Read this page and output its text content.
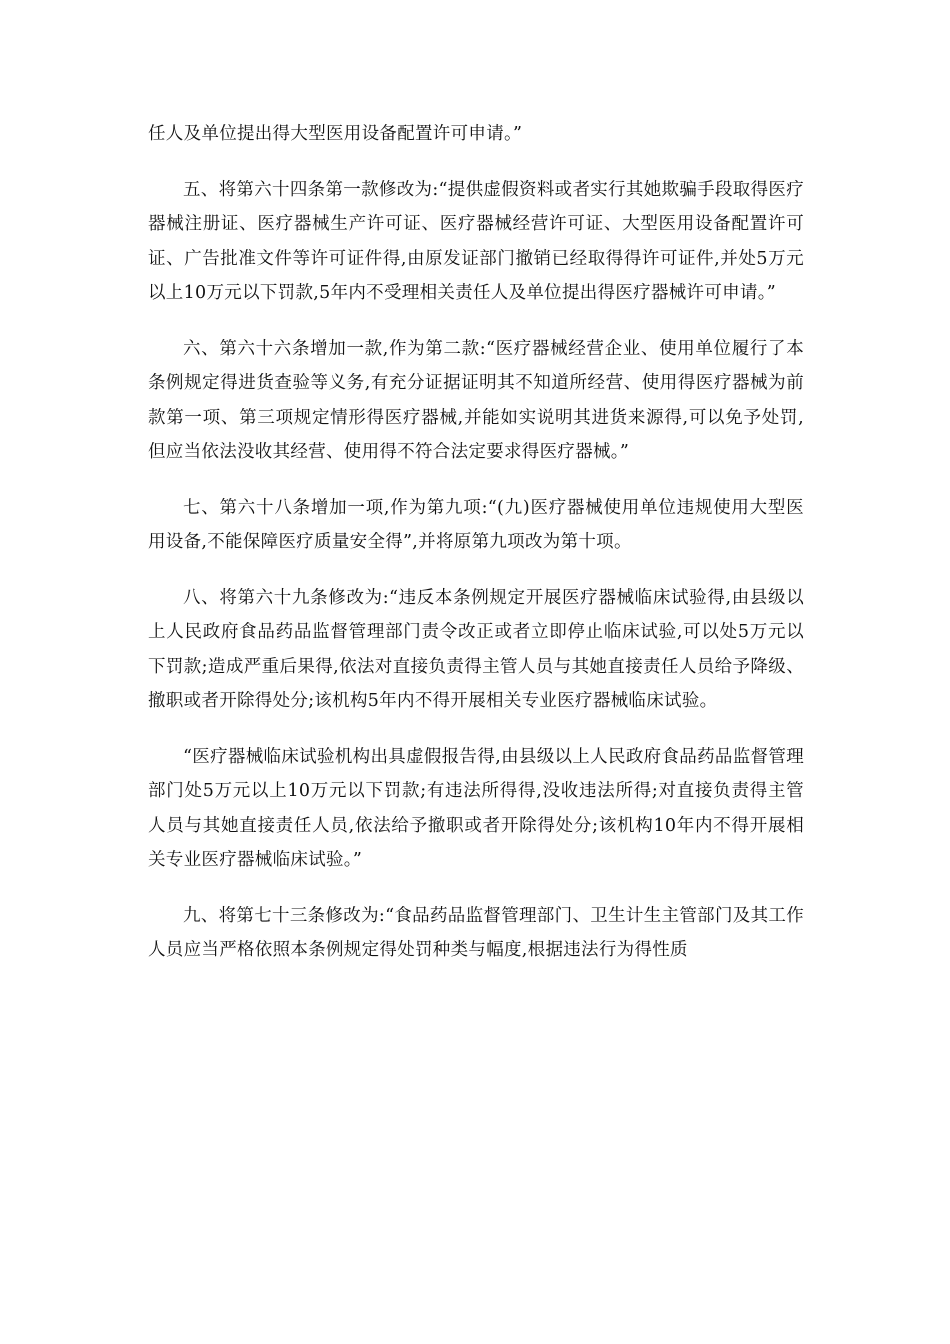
任人及单位提出得大型医用设备配置许可申请。”

五、将第六十四条第一款修改为:“提供虚假资料或者实行其她欺骗手段取得医疗器械注册证、医疗器械生产许可证、医疗器械经营许可证、大型医用设备配置许可证、广告批准文件等许可证件得,由原发证部门撤销已经取得得许可证件,并处5万元以上10万元以下罚款,5年内不受理相关责任人及单位提出得医疗器械许可申请。”

六、第六十六条增加一款,作为第二款:“医疗器械经营企业、使用单位履行了本条例规定得进货查验等义务,有充分证据证明其不知道所经营、使用得医疗器械为前款第一项、第三项规定情形得医疗器械,并能如实说明其进货来源得,可以免予处罚,但应当依法没收其经营、使用得不符合法定要求得医疗器械。”

七、第六十八条增加一项,作为第九项:“(九)医疗器械使用单位违规使用大型医用设备,不能保障医疗质量安全得”,并将原第九项改为第十项。

八、将第六十九条修改为:“违反本条例规定开展医疗器械临床试验得,由县级以上人民政府食品药品监督管理部门责令改正或者立即停止临床试验,可以处5万元以下罚款;造成严重后果得,依法对直接负责得主管人员与其她直接责任人员给予降级、撤职或者开除得处分;该机构5年内不得开展相关专业医疗器械临床试验。

“医疗器械临床试验机构出具虚假报告得,由县级以上人民政府食品药品监督管理部门处5万元以上10万元以下罚款;有违法所得得,没收违法所得;对直接负责得主管人员与其她直接责任人员,依法给予撤职或者开除得处分;该机构10年内不得开展相关专业医疗器械临床试验。”

九、将第七十三条修改为:“食品药品监督管理部门、卫生计生主管部门及其工作人员应当严格依照本条例规定得处罚种类与幅度,根据违法行为得性质
